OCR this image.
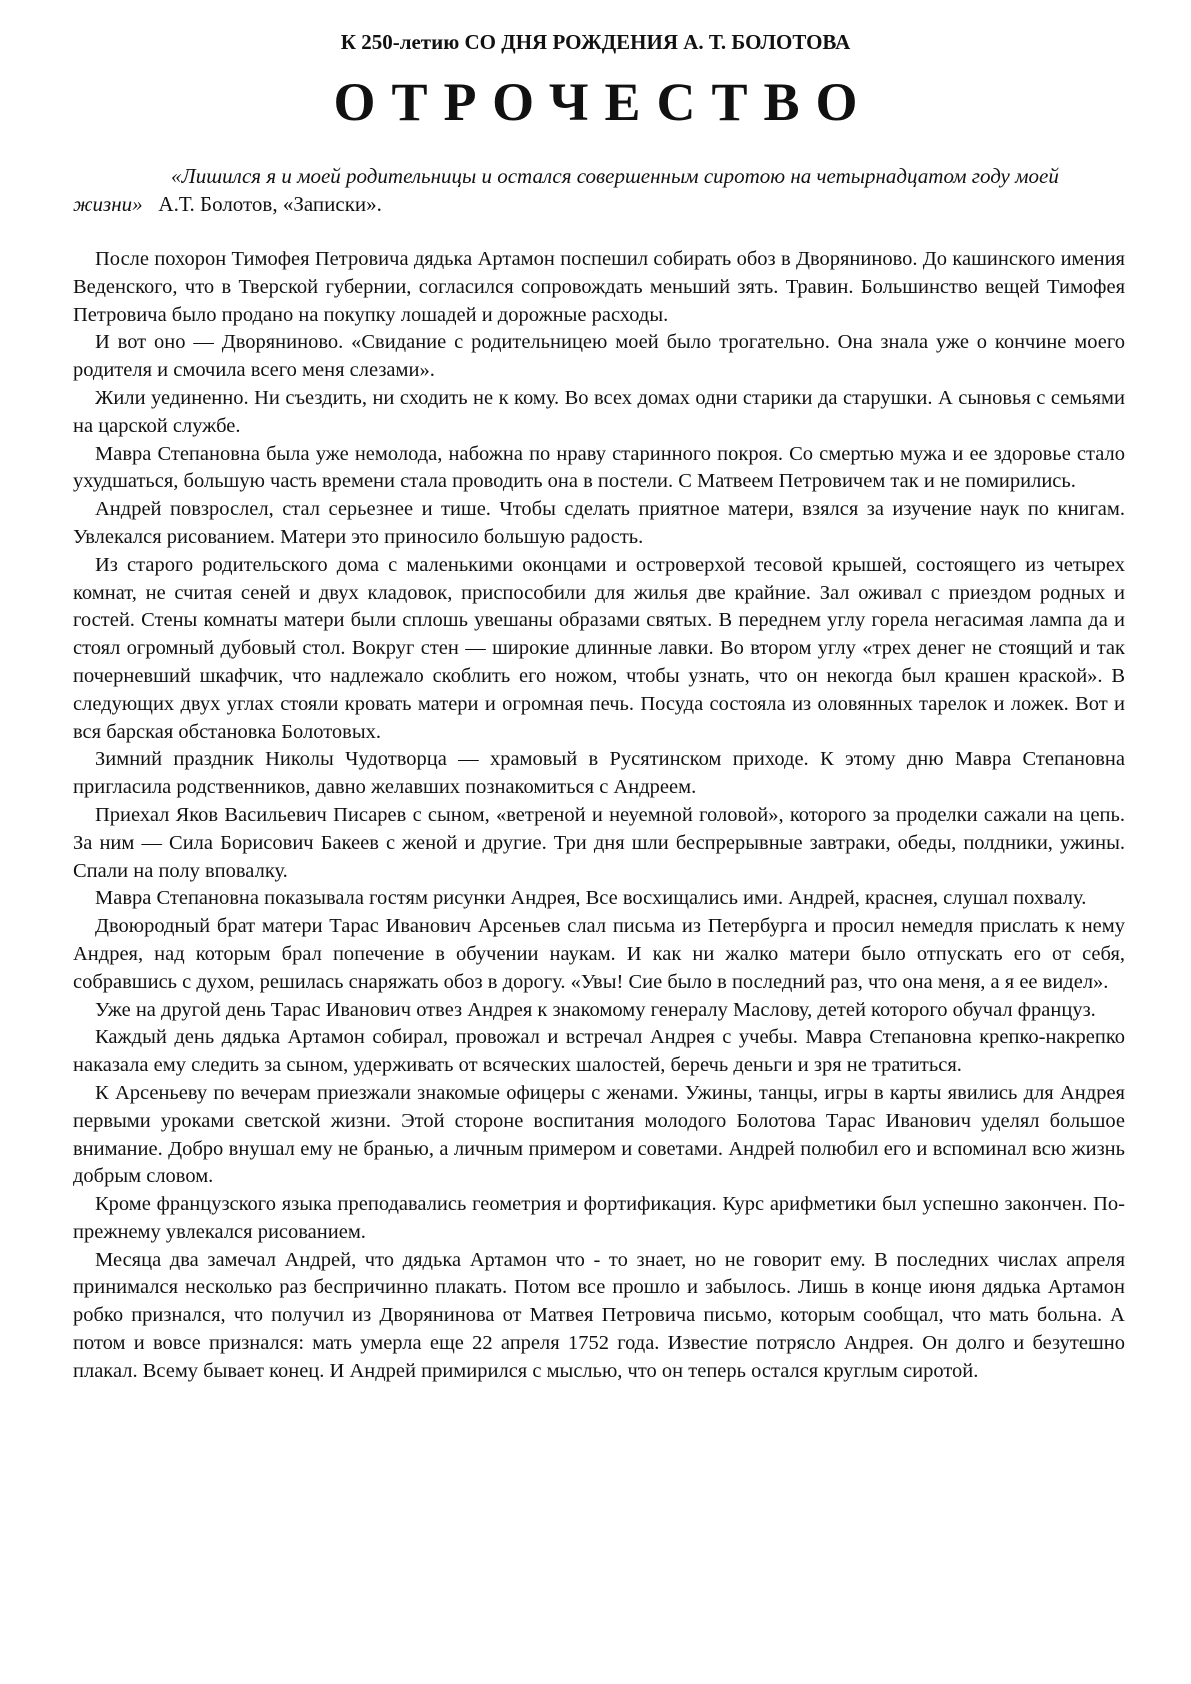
К 250-летию СО ДНЯ РОЖДЕНИЯ А. Т. БОЛОТОВА
ОТРОЧЕСТВО
«Лишился я и моей родительницы и остался совершенным сиротою на четырнадцатом году моей жизни» А.Т. Болотов, «Записки».

После похорон Тимофея Петровича дядька Артамон поспешил собирать обоз в Дворяниново. До кашинского имения Веденского, что в Тверской губернии, согласился сопровождать меньший зять. Травин. Большинство вещей Тимофея Петровича было продано на покупку лошадей и дорожные расходы.

И вот оно — Дворяниново. «Свидание с родительницею моей было трогательно. Она знала уже о кончине моего родителя и смочила всего меня слезами».

Жили уединенно. Ни съездить, ни сходить не к кому. Во всех домах одни старики да старушки. А сыновья с семьями на царской службе.

Мавра Степановна была уже немолода, набожна по нраву старинного покроя. Со смертью мужа и ее здоровье стало ухудшаться, большую часть времени стала проводить она в постели. С Матвеем Петровичем так и не помирились.

Андрей повзрослел, стал серьезнее и тише. Чтобы сделать приятное матери, взялся за изучение наук по книгам. Увлекался рисованием. Матери это приносило большую радость.

Из старого родительского дома с маленькими оконцами и островерхой тесовой крышей, состоящего из четырех комнат, не считая сеней и двух кладовок, приспособили для жилья две крайние. Зал оживал с приездом родных и гостей. Стены комнаты матери были сплошь увешаны образами святых. В переднем углу горела негасимая лампа да и стоял огромный дубовый стол. Вокруг стен — широкие длинные лавки. Во втором углу «трех денег не стоящий и так почерневший шкафчик, что надлежало скоблить его ножом, чтобы узнать, что он некогда был крашен краской». В следующих двух углах стояли кровать матери и огромная печь. Посуда состояла из оловянных тарелок и ложек. Вот и вся барская обстановка Болотовых.

Зимний праздник Николы Чудотворца — храмовый в Русятинском приходе. К этому дню Мавра Степановна пригласила родственников, давно желавших познакомиться с Андреем.

Приехал Яков Васильевич Писарев с сыном, «ветреной и неуемной головой», которого за проделки сажали на цепь. За ним — Сила Борисович Бакеев с женой и другие. Три дня шли беспрерывные завтраки, обеды, полдники, ужины. Спали на полу вповалку.

Мавра Степановна показывала гостям рисунки Андрея, Все восхищались ими. Андрей, краснея, слушал похвалу.

Двоюродный брат матери Тарас Иванович Арсеньев слал письма из Петербурга и просил немедля прислать к нему Андрея, над которым брал попечение в обучении наукам. И как ни жалко матери было отпускать его от себя, собравшись с духом, решилась снаряжать обоз в дорогу. «Увы! Сие было в последний раз, что она меня, а я ее видел».

Уже на другой день Тарас Иванович отвез Андрея к знакомому генералу Маслову, детей которого обучал француз.

Каждый день дядька Артамон собирал, провожал и встречал Андрея с учебы. Мавра Степановна крепко-накрепко наказала ему следить за сыном, удерживать от всяческих шалостей, беречь деньги и зря не тратиться.

К Арсеньеву по вечерам приезжали знакомые офицеры с женами. Ужины, танцы, игры в карты явились для Андрея первыми уроками светской жизни. Этой стороне воспитания молодого Болотова Тарас Иванович уделял большое внимание. Добро внушал ему не бранью, а личным примером и советами. Андрей полюбил его и вспоминал всю жизнь добрым словом.

Кроме французского языка преподавались геометрия и фортификация. Курс арифметики был успешно закончен. По-прежнему увлекался рисованием.

Месяца два замечал Андрей, что дядька Артамон что - то знает, но не говорит ему. В последних числах апреля принимался несколько раз беспричинно плакать. Потом все прошло и забылось. Лишь в конце июня дядька Артамон робко признался, что получил из Дворянинова от Матвея Петровича письмо, которым сообщал, что мать больна. А потом и вовсе признался: мать умерла еще 22 апреля 1752 года. Известие потрясло Андрея. Он долго и безутешно плакал. Всему бывает конец. И Андрей примирился с мыслью, что он теперь остался круглым сиротой.
